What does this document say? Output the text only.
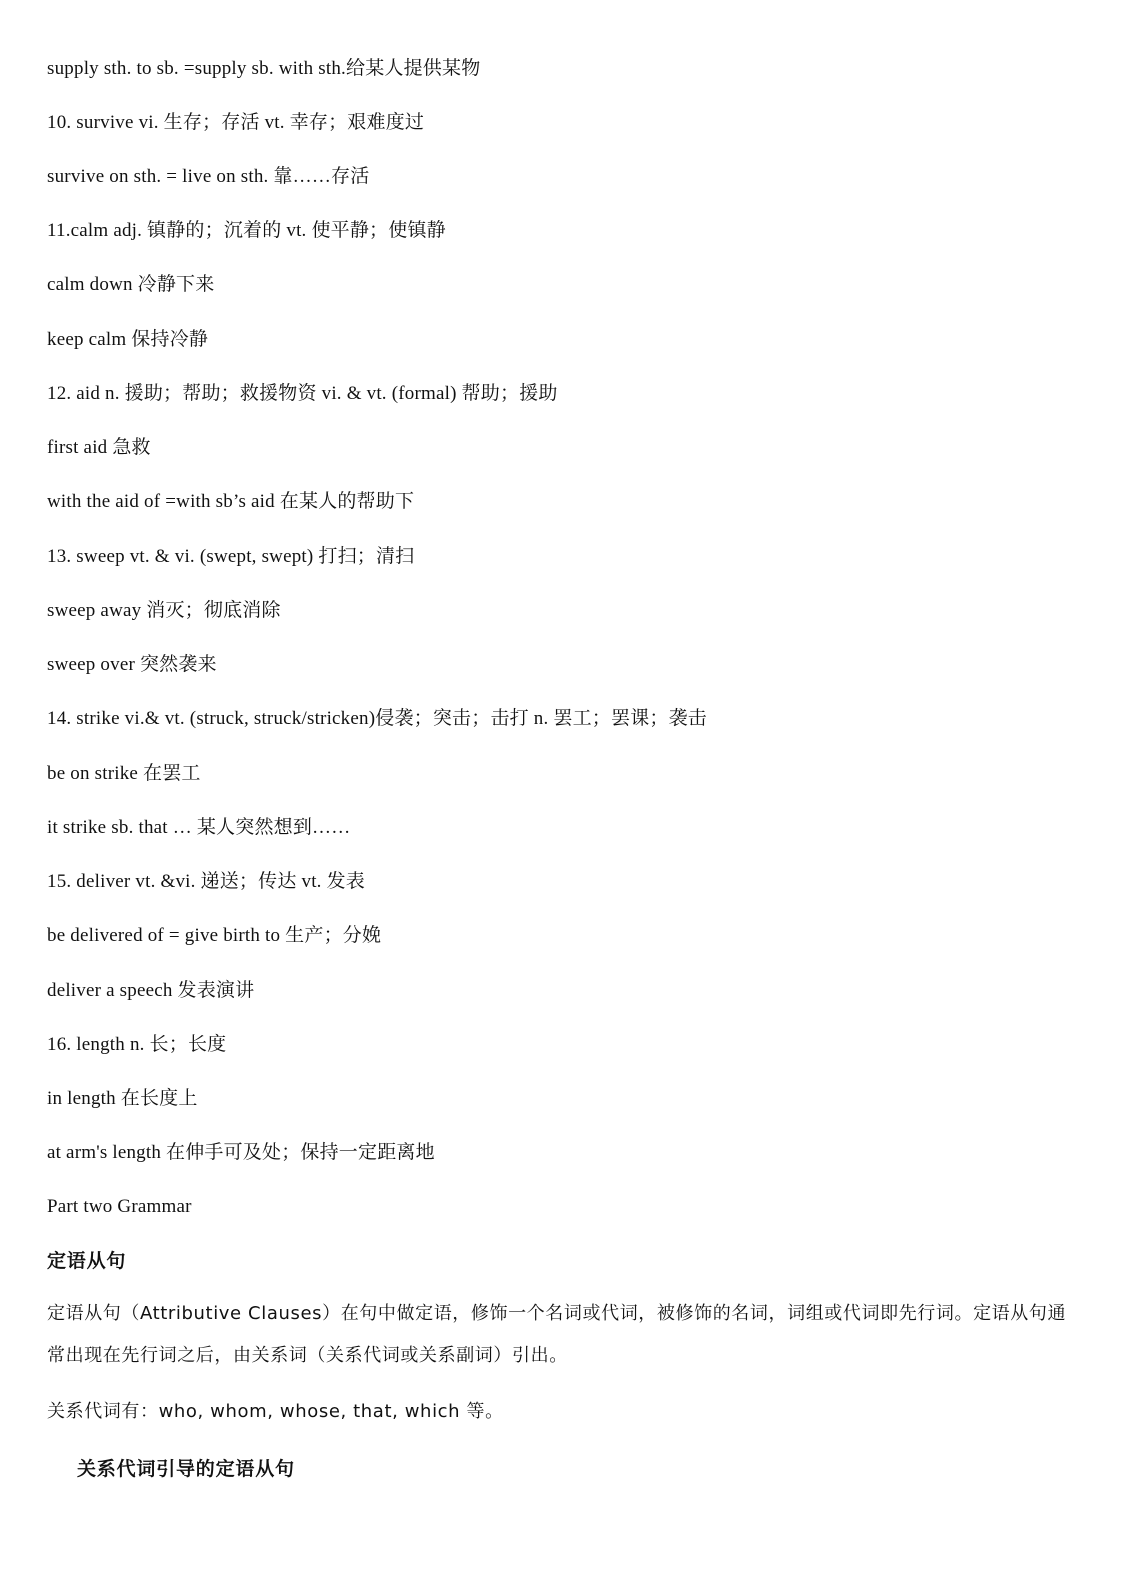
supply sth. to sb. =supply sb. with sth.给某人提供某物
10. survive vi. 生存；存活 vt. 幸存；艰难度过
survive on sth. = live on sth. 靠……存活
11.calm adj. 镇静的；沉着的 vt. 使平静；使镇静
calm down 冷静下来
keep calm 保持冷静
12. aid n. 援助；帮助；救援物资 vi. & vt. (formal) 帮助；援助
first aid 急救
with the aid of =with sb’s aid 在某人的帮助下
13. sweep vt. & vi. (swept, swept) 打扫；清扫
sweep away 消灭；彻底消除
sweep over 突然袭来
14. strike vi.& vt. (struck, struck/stricken)侵袭；突击；击打 n. 罢工；罢课；袭击
be on strike 在罢工
it strike sb. that … 某人突然想到……
15. deliver vt. &vi. 递送；传达 vt. 发表
be delivered of = give birth to 生产；分娩
deliver a speech 发表演讲
16. length n. 长；长度
in length 在长度上
at arm's length 在伸手可及处；保持一定距离地
Part two Grammar
定语从句
定语从句（Attributive Clauses）在句中做定语，修饰一个名词或代词，被修饰的名词，词组或代词即先行词。定语从句通常出现在先行词之后，由关系词（关系代词或关系副词）引出。
关系代词有：who, whom, whose, that, which 等。
关系代词引导的定语从句
